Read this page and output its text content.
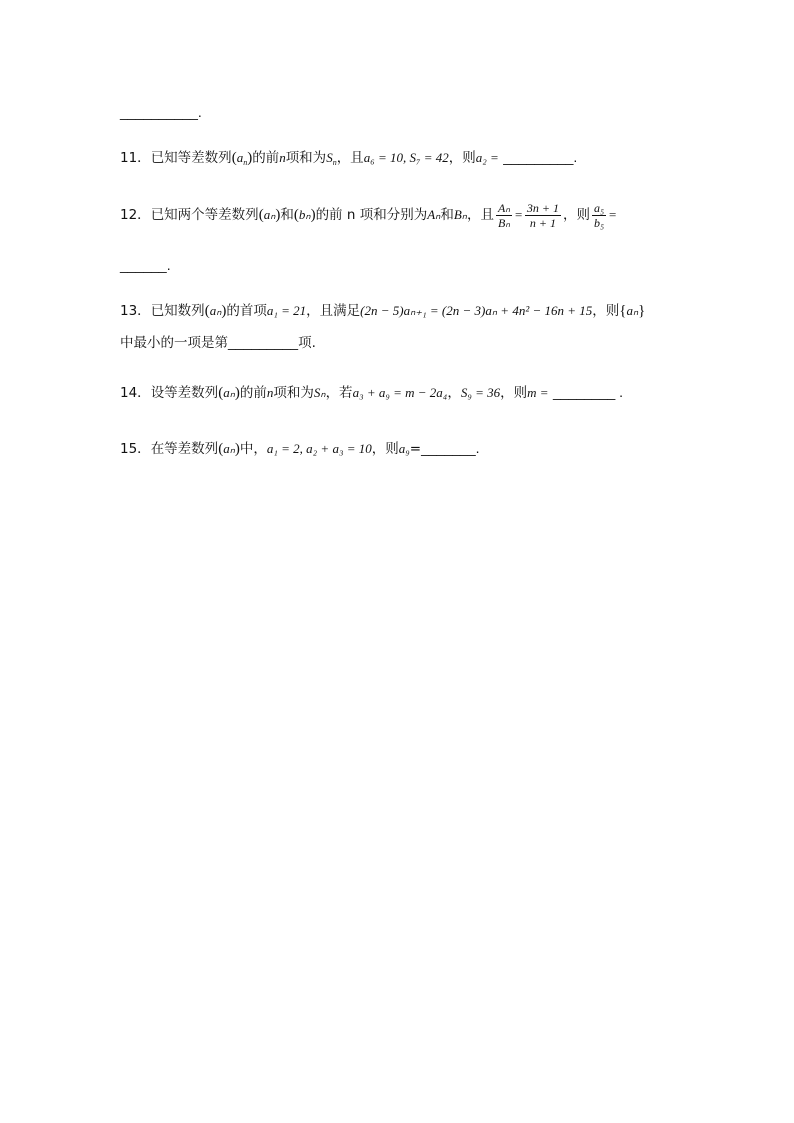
__________.
11．已知等差数列$(a_n)$的前n项和为$S_n$，且a₆ = 10, S₇ = 42，则a₂ = _________.
12．已知两个等差数列(aₙ)和(bₙ)的前 n 项和分别为Aₙ和Bₙ，且 $\frac{\text{Aₙ}}{\text{Bₙ}} = \frac{3n + 1}{n + 1}$ ，则 $\frac{\text{a₅}}{\text{b₅}}$ =
______.
13．已知数列(aₙ)的首项a₁ = 21，且满足(2n − 5)aₙ₊₁ = (2n − 3)aₙ + 4n² − 16n + 15，则{aₙ}
中最小的一项是第_________项.
14．设等差数列(aₙ)的前n项和为Sₙ，若a₃ + a₉ = m − 2a₄，S₉ = 36，则m = ________ .
15．在等差数列(aₙ)中，a₁ = 2, a₂ + a₃ = 10，则a₉=_______.
